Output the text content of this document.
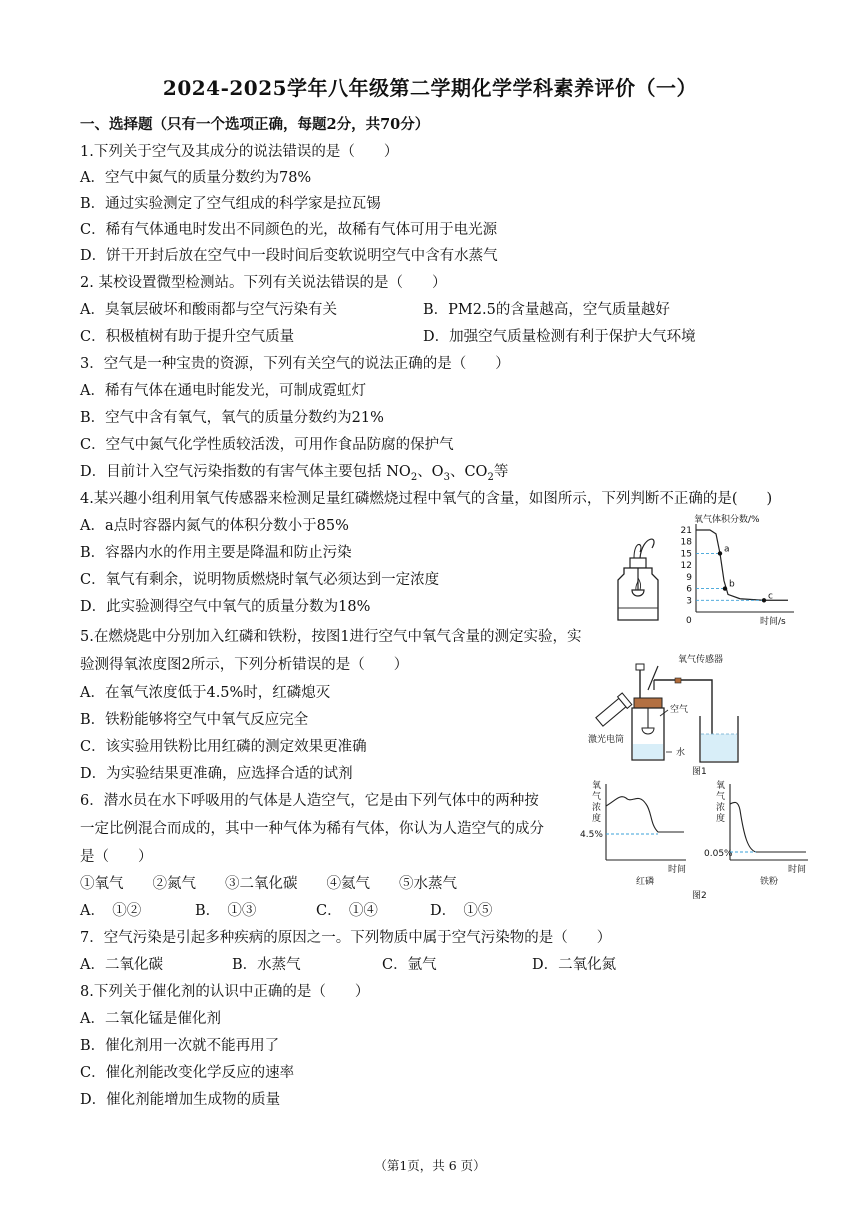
2024-2025学年八年级第二学期化学学科素养评价（一）
一、选择题（只有一个选项正确，每题2分，共70分）
1.下列关于空气及其成分的说法错误的是（　　）
A．空气中氮气的质量分数约为78%
B．通过实验测定了空气组成的科学家是拉瓦锡
C．稀有气体通电时发出不同颜色的光，故稀有气体可用于电光源
D．饼干开封后放在空气中一段时间后变软说明空气中含有水蒸气
2. 某校设置微型检测站。下列有关说法错误的是（　　）
A．臭氧层破坏和酸雨都与空气污染有关	B．PM2.5的含量越高，空气质量越好
C．积极植树有助于提升空气质量	D．加强空气质量检测有利于保护大气环境
3．空气是一种宝贵的资源，下列有关空气的说法正确的是（　　）
A．稀有气体在通电时能发光，可制成霓虹灯
B．空气中含有氧气，氧气的质量分数约为21%
C．空气中氮气化学性质较活泼，可用作食品防腐的保护气
D．目前计入空气污染指数的有害气体主要包括 $NO_2$、$O_3$、$CO_2$等
4.某兴趣小组利用氧气传感器来检测足量红磷燃烧过程中氧气的含量，如图所示，下列判断不正确的是(　　)
A．a点时容器内氮气的体积分数小于85%
B．容器内水的作用主要是降温和防止污染
C．氧气有剩余，说明物质燃烧时氧气必须达到一定浓度
D．此实验测得空气中氧气的质量分数为18%
氧气体积分数/%
时间/s
0
21
18
15
12
9
6
3
a
b
c
5.在燃烧匙中分别加入红磷和铁粉，按图1进行空气中氧气含量的测定实验，实
验测得氧浓度图2所示，下列分析错误的是（　　）
A．在氧气浓度低于4.5%时，红磷熄灭
B．铁粉能够将空气中氧气反应完全
C．该实验用铁粉比用红磷的测定效果更准确
D．为实验结果更准确，应选择合适的试剂
氧气传感器
空气
激光电筒
水
图1
6．潜水员在水下呼吸用的气体是人造空气，它是由下列气体中的两种按
一定比例混合而成的，其中一种气体为稀有气体，你认为人造空气的成分
是（　　）
①氧气　　②氮气　　③二氧化碳　　④氦气　　⑤水蒸气
A．　①②	B．　①③	C．　①④	D．　①⑤
氧 气 浓 度
4.5%
时间
红磷
氧 气 浓 度
0.05%
时间
铁粉
图2
7．空气污染是引起多种疾病的原因之一。下列物质中属于空气污染物的是（　　）
A．二氧化碳	B．水蒸气	C．氩气	D．二氧化氮
8.下列关于催化剂的认识中正确的是（　　）
A．二氧化锰是催化剂
B．催化剂用一次就不能再用了
C．催化剂能改变化学反应的速率
D．催化剂能增加生成物的质量
（第1页，共 6 页）
